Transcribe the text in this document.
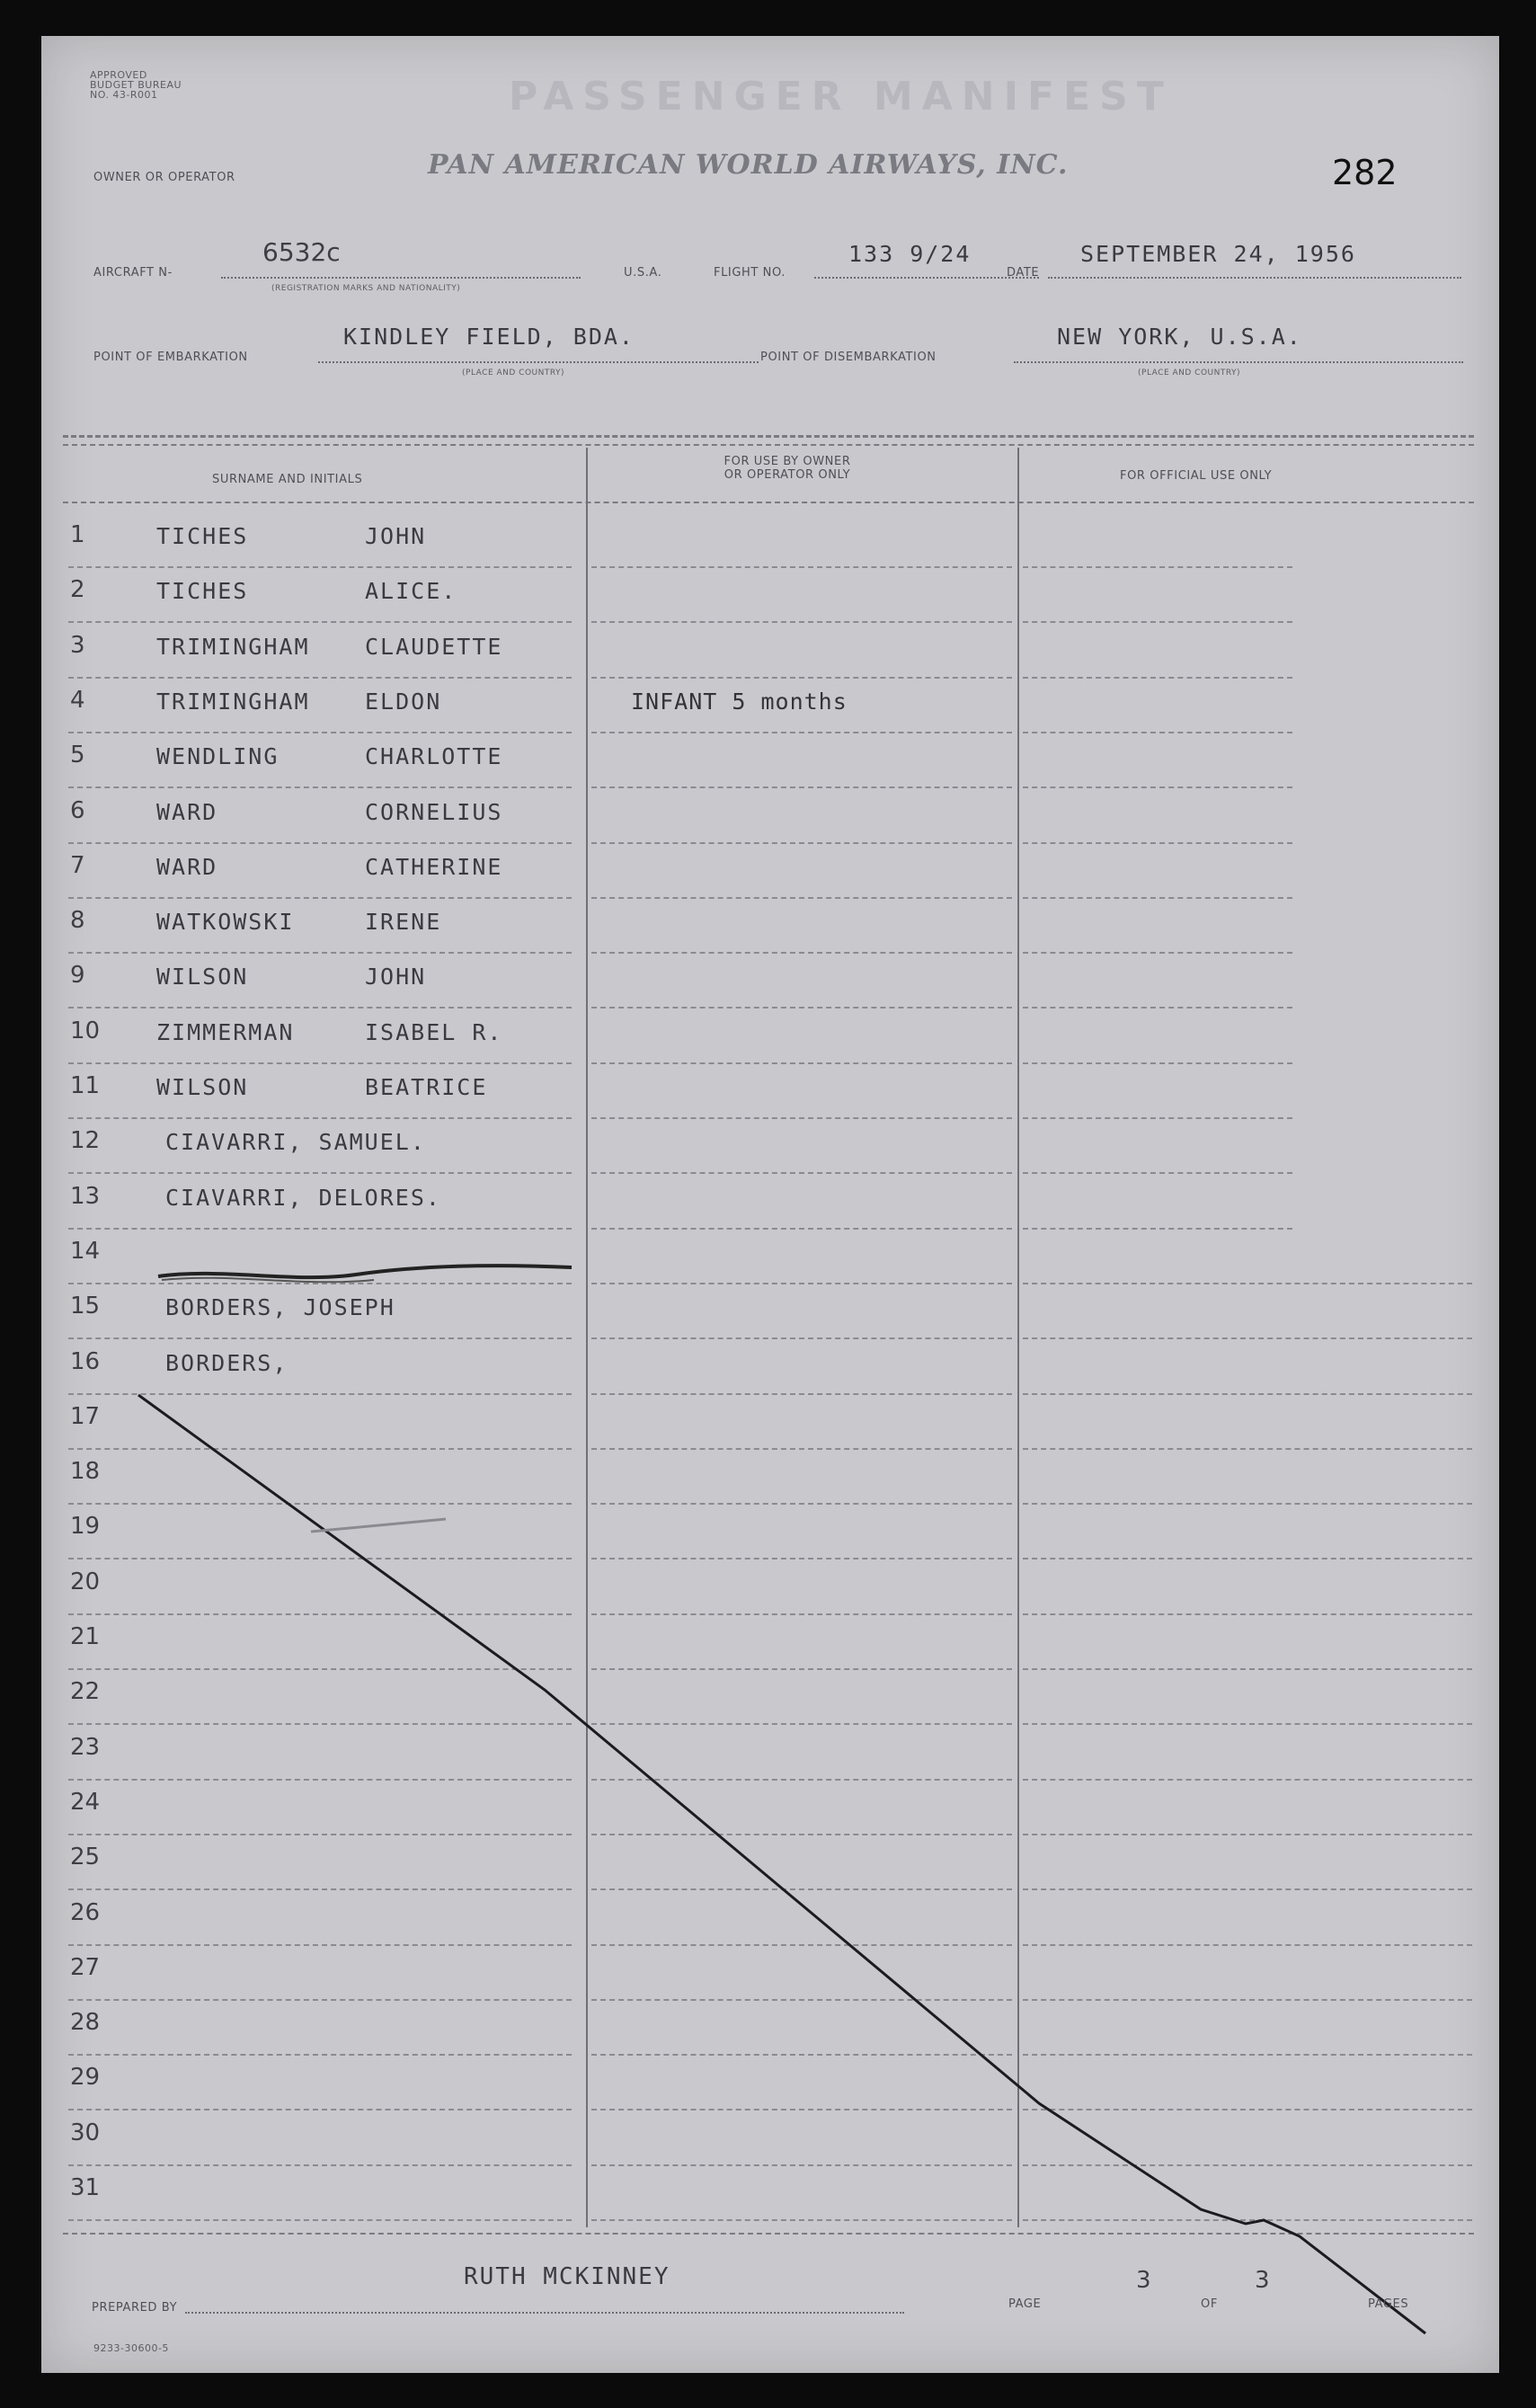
APPROVED
BUDGET BUREAU
NO. 43-R001	PASSENGER MANIFEST
OWNER OR OPERATOR	PAN AMERICAN WORLD AIRWAYS, INC.	282
AIRCRAFT N-
6532c
(REGISTRATION MARKS AND NATIONALITY)
U.S.A.	FLIGHT NO.
133 9/24
DATE
SEPTEMBER 24, 1956
POINT OF EMBARKATION
KINDLEY FIELD, BDA.
(PLACE AND COUNTRY)
POINT OF DISEMBARKATION
NEW YORK, U.S.A.
(PLACE AND COUNTRY)
SURNAME AND INITIALS
FOR USE BY OWNER
OR OPERATOR ONLY	FOR OFFICIAL USE ONLY
1	TICHES	JOHN
2	TICHES	ALICE.
3	TRIMINGHAM CLAUDETTE
4	TRIMINGHAM ELDON	INFANT 5 months
5	WENDLING	CHARLOTTE
6	WARD	CORNELIUS
7	WARD	CATHERINE
8	WATKOWSKI	IRENE
9	WILSON	JOHN
10	ZIMMERMAN	ISABEL R.
11	WILSON	BEATRICE
12	CIAVARRI, SAMUEL.
13	CIAVARRI, DELORES.
14
15	BORDERS, JOSEPH
16	BORDERS,
17
18
19
20
21
22
23
24
25
26
27
28
29
30
31
RUTH MCKINNEY
PREPARED BY	PAGE
3
OF
3
PAGES
9233-30600-5
